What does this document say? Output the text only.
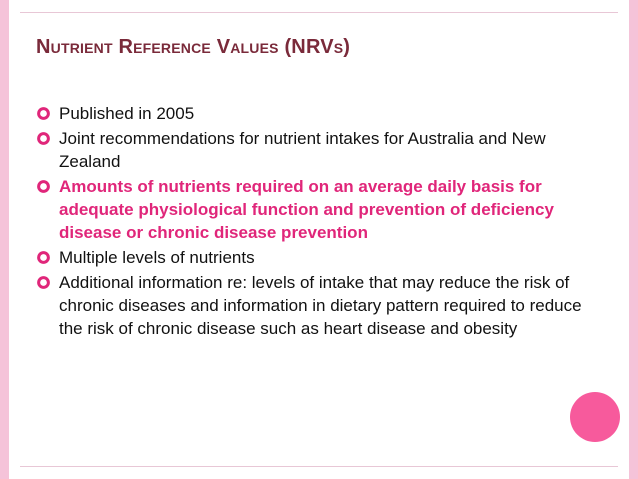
Nutrient Reference Values (NRVs)
Published in 2005
Joint recommendations for nutrient intakes for Australia and New Zealand
Amounts of nutrients required on an average daily basis for adequate physiological function and prevention of deficiency disease or chronic disease prevention
Multiple levels of nutrients
Additional information re: levels of intake that may reduce the risk of chronic diseases and information in dietary pattern required to reduce the risk of chronic disease such as heart disease and obesity
